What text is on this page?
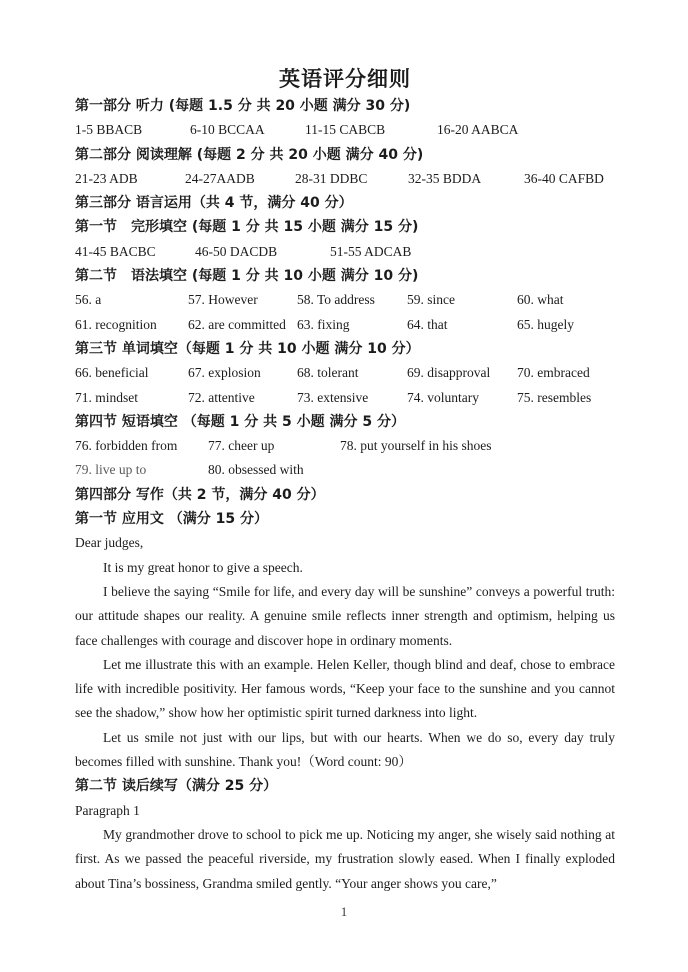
英语评分细则
第一部分 听力 (每题 1.5 分 共 20 小题 满分 30 分)
1-5 BBACB	6-10 BCCAA	11-15 CABCB	16-20 AABCA
第二部分 阅读理解 (每题 2 分 共 20 小题 满分 40 分)
21-23 ADB	24-27AADB	28-31 DDBC	32-35 BDDA	36-40 CAFBD
第三部分 语言运用（共 4 节，满分 40 分）
第一节　完形填空 (每题 1 分 共 15 小题 满分 15 分)
41-45 BACBC	46-50 DACDB	51-55 ADCAB
第二节　语法填空 (每题 1 分 共 10 小题 满分 10 分)
56. a	57. However	58. To address	59. since	60. what
61. recognition	62. are committed 63. fixing	64. that	65. hugely
第三节 单词填空（每题 1 分 共 10 小题 满分 10 分）
66. beneficial	67. explosion	68. tolerant	69. disapproval	70. embraced
71. mindset	72. attentive	73. extensive	74. voluntary	75. resembles
第四节 短语填空 （每题 1 分 共 5 小题 满分 5 分）
76. forbidden from	77. cheer up	78. put yourself in his shoes
79. live up to	80. obsessed with
第四部分 写作（共 2 节，满分 40 分）
第一节 应用文 （满分 15 分）

Dear judges,

It is my great honor to give a speech.

I believe the saying “Smile for life, and every day will be sunshine” conveys a powerful truth: our attitude shapes our reality. A genuine smile reflects inner strength and optimism, helping us face challenges with courage and discover hope in ordinary moments.

Let me illustrate this with an example. Helen Keller, though blind and deaf, chose to embrace life with incredible positivity. Her famous words, “Keep your face to the sunshine and you cannot see the shadow,” show how her optimistic spirit turned darkness into light.

Let us smile not just with our lips, but with our hearts. When we do so, every day truly becomes filled with sunshine. Thank you!（Word count: 90）

第二节 读后续写（满分 25 分）

Paragraph 1

My grandmother drove to school to pick me up. Noticing my anger, she wisely said nothing at first. As we passed the peaceful riverside, my frustration slowly eased. When I finally exploded about Tina’s bossiness, Grandma smiled gently. “Your anger shows you care,”

1
